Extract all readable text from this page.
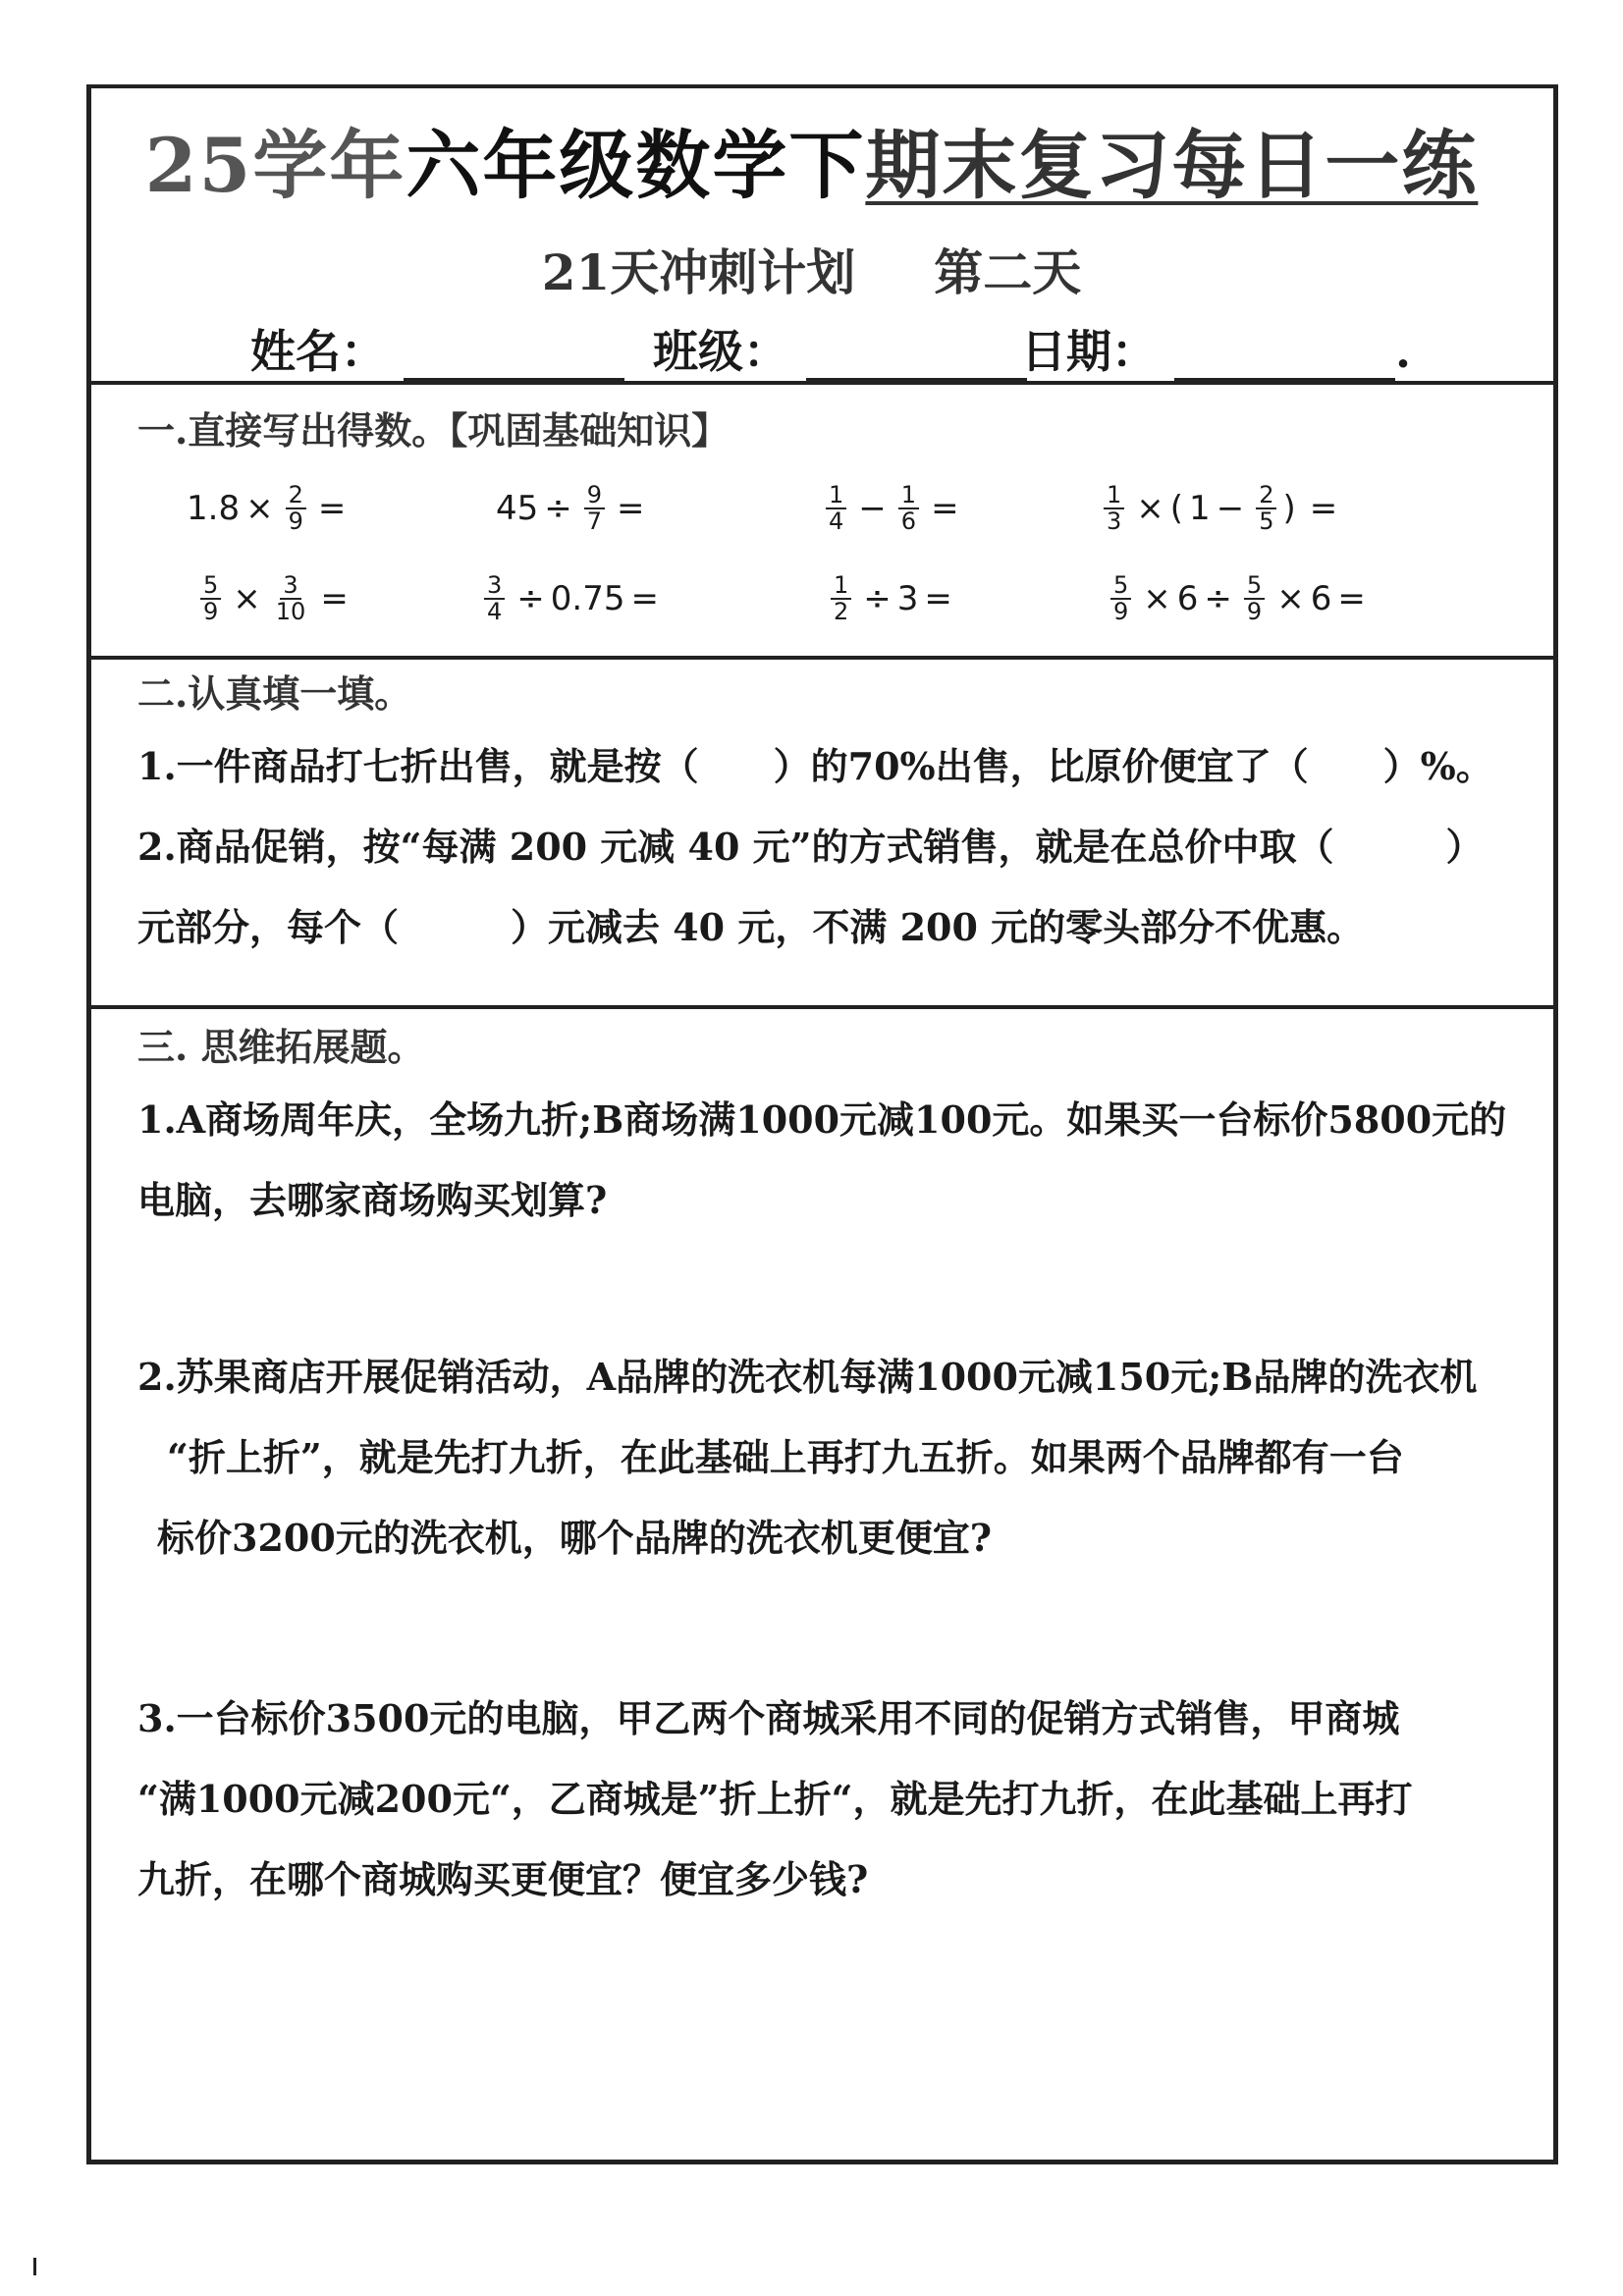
25学年六年级数学下期末复习每日一练
21天冲刺计划 第二天
姓名：	班级：	日期：	.
一.直接写出得数。【巩固基础知识】
$1.8 \times \frac{2}{9}$ =	$45 \div \frac{9}{7}$ =	$\frac{1}{4} - \frac{1}{6}$ =	$\frac{1}{3}$ × ( $1 - \frac{2}{5}$ ) =
$\frac{5}{9} \times \frac{3}{10}$ =	$\frac{3}{4} \div 0.75$ =	$\frac{1}{2} \div 3$ =	$\frac{5}{9} \times 6 \div \frac{5}{9} \times 6$ =
二.认真填一填。
1.一件商品打七折出售，就是按（　　）的70%出售，比原价便宜了（　　）%。
2.商品促销，按“每满 200 元减 40 元”的方式销售，就是在总价中取（　　　）
元部分，每个（　　　）元减去 40 元，不满 200 元的零头部分不优惠。
三. 思维拓展题。
1.A商场周年庆，全场九折;B商场满1000元减100元。如果买一台标价5800元的
电脑，去哪家商场购买划算?
2.苏果商店开展促销活动，A品牌的洗衣机每满1000元减150元;B品牌的洗衣机
“折上折”，就是先打九折，在此基础上再打九五折。如果两个品牌都有一台
标价3200元的洗衣机，哪个品牌的洗衣机更便宜?
3.一台标价3500元的电脑，甲乙两个商城采用不同的促销方式销售，甲商城
“满1000元减200元“，乙商城是”折上折“，就是先打九折，在此基础上再打
九折，在哪个商城购买更便宜？便宜多少钱?
